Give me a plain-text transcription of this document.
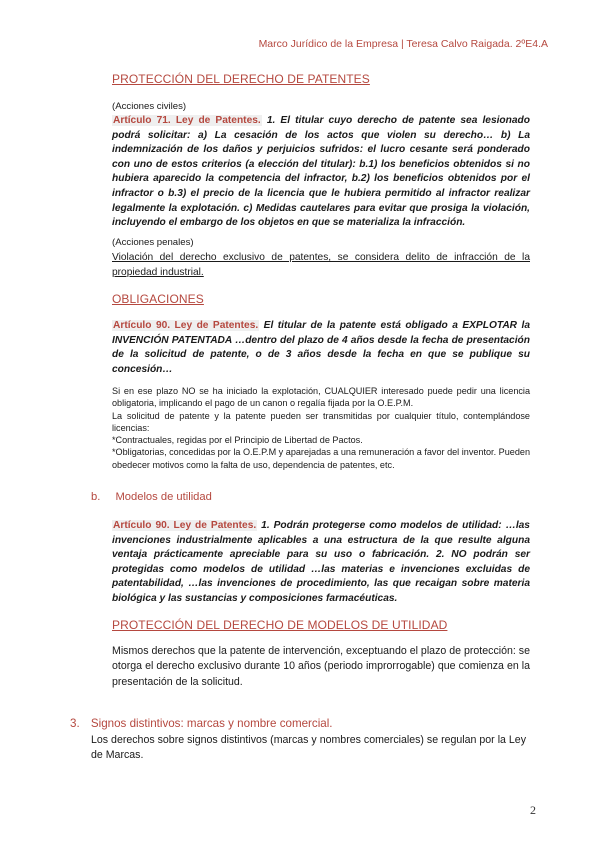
Marco Jurídico de la Empresa | Teresa Calvo Raigada. 2ºE4.A
PROTECCIÓN DEL DERECHO DE PATENTES
(Acciones civiles)
Artículo 71. Ley de Patentes. 1. El titular cuyo derecho de patente sea lesionado podrá solicitar: a) La cesación de los actos que violen su derecho… b) La indemnización de los daños y perjuicios sufridos: el lucro cesante será ponderado con uno de estos criterios (a elección del titular): b.1) los beneficios obtenidos si no hubiera aparecido la competencia del infractor, b.2) los beneficios obtenidos por el infractor o b.3) el precio de la licencia que le hubiera permitido al infractor realizar legalmente la explotación. c) Medidas cautelares para evitar que prosiga la violación, incluyendo el embargo de los objetos en que se materializa la infracción.
(Acciones penales)
Violación del derecho exclusivo de patentes, se considera delito de infracción de la propiedad industrial.
OBLIGACIONES
Artículo 90. Ley de Patentes. El titular de la patente está obligado a EXPLOTAR la INVENCIÓN PATENTADA …dentro del plazo de 4 años desde la fecha de presentación de la solicitud de patente, o de 3 años desde la fecha en que se publique su concesión…
Si en ese plazo NO se ha iniciado la explotación, CUALQUIER interesado puede pedir una licencia obligatoria, implicando el pago de un canon o regalía fijada por la O.E.P.M.
La solicitud de patente y la patente pueden ser transmitidas por cualquier título, contemplándose licencias:
*Contractuales, regidas por el Principio de Libertad de Pactos.
*Obligatorias, concedidas por la O.E.P.M y aparejadas a una remuneración a favor del inventor. Pueden obedecer motivos como la falta de uso, dependencia de patentes, etc.
b. Modelos de utilidad
Artículo 90. Ley de Patentes. 1. Podrán protegerse como modelos de utilidad: …las invenciones industrialmente aplicables a una estructura de la que resulte alguna ventaja prácticamente apreciable para su uso o fabricación. 2. NO podrán ser protegidas como modelos de utilidad …las materias e invenciones excluidas de patentabilidad, …las invenciones de procedimiento, las que recaigan sobre materia biológica y las sustancias y composiciones farmacéuticas.
PROTECCIÓN DEL DERECHO DE MODELOS DE UTILIDAD
Mismos derechos que la patente de intervención, exceptuando el plazo de protección: se otorga el derecho exclusivo durante 10 años (periodo improrrogable) que comienza en la presentación de la solicitud.
3. Signos distintivos: marcas y nombre comercial.
Los derechos sobre signos distintivos (marcas y nombres comerciales) se regulan por la Ley de Marcas.
2
